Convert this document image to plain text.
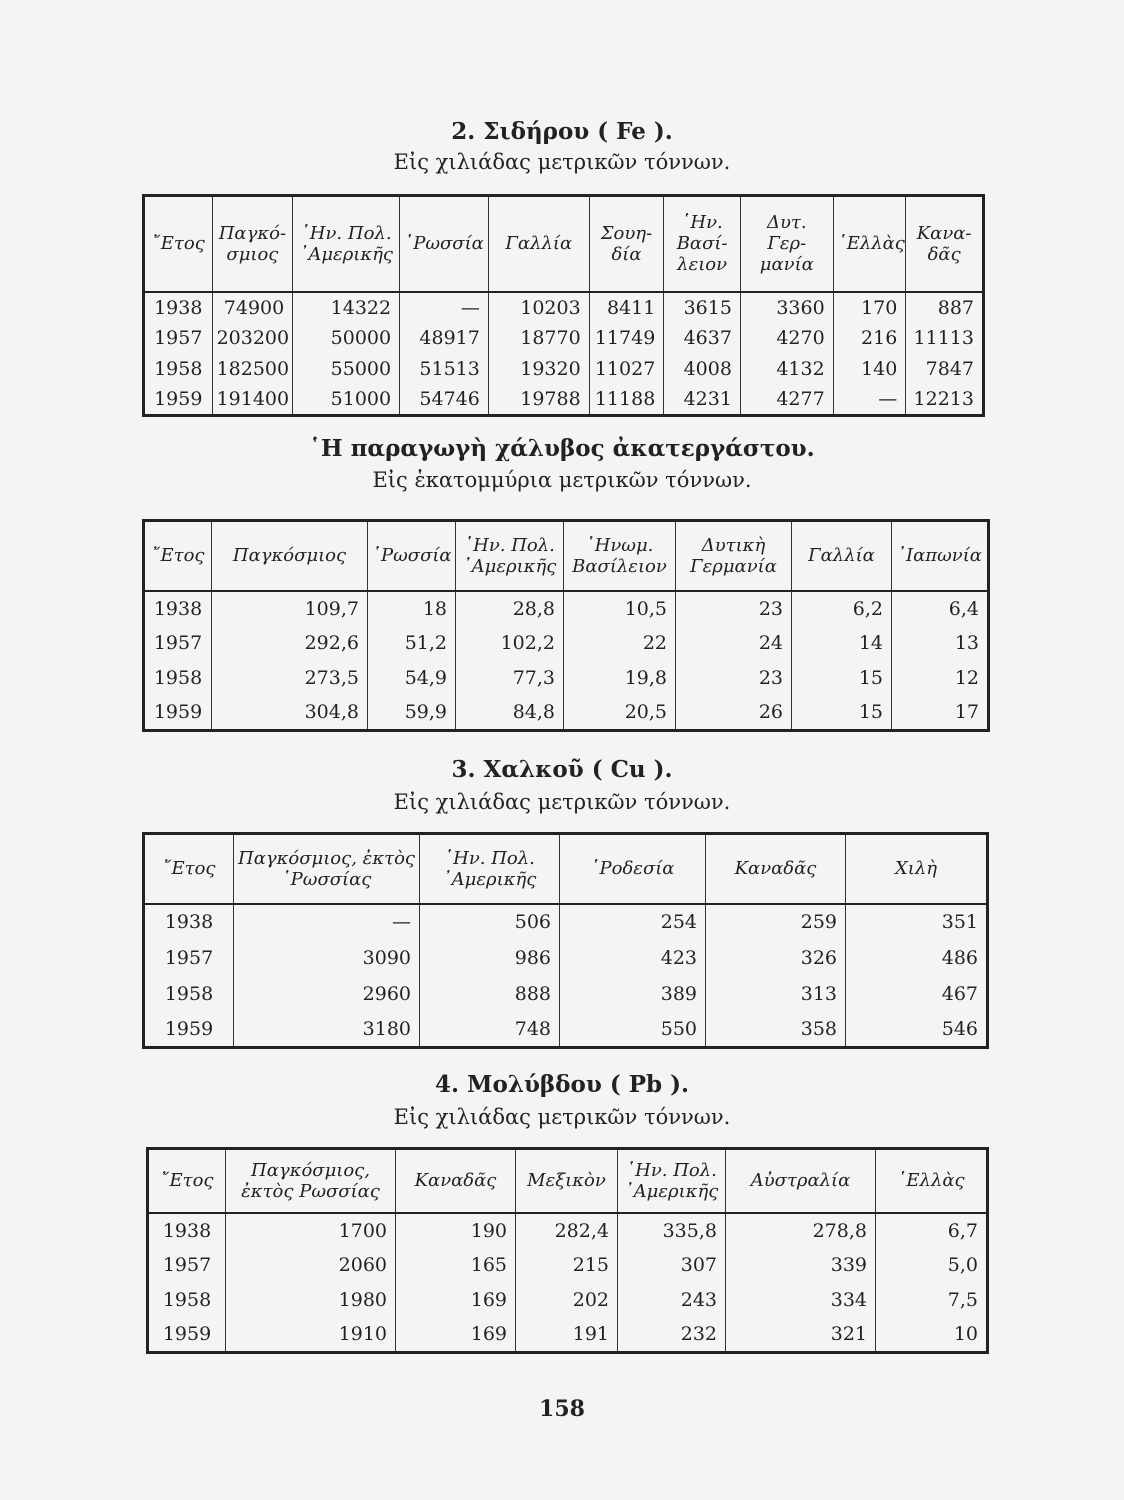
2. Σιδήρου ( Fe ).
Εἰς χιλιάδας μετρικῶν τόννων.
῎Ετος	Παγκό-σμιος	῾Ην. Πολ. ᾿Αμερικῆς	῾Ρωσσία	Γαλλία	Σουη-δία	῾Ην. Βασί-λειον	Δυτ. Γερ-μανία	῾Ελλὰς	Κανα-δᾶς
1938	74900	14322	—	10203	8411	3615	3360	170	887
1957	203200	50000	48917	18770	11749	4637	4270	216	11113
1958	182500	55000	51513	19320	11027	4008	4132	140	7847
1959	191400	51000	54746	19788	11188	4231	4277	—	12213
῾Η παραγωγὴ χάλυβος ἀκατεργάστου.
Εἰς ἑκατομμύρια μετρικῶν τόννων.
῎Ετος	Παγκόσμιος	῾Ρωσσία	῾Ην. Πολ. ᾿Αμερικῆς	῾Ηνωμ. Βασίλειον	Δυτικὴ Γερμανία	Γαλλία	᾿Ιαπωνία
1938	109,7	18	28,8	10,5	23	6,2	6,4
1957	292,6	51,2	102,2	22	24	14	13
1958	273,5	54,9	77,3	19,8	23	15	12
1959	304,8	59,9	84,8	20,5	26	15	17
3. Χαλκοῦ ( Cu ).
Εἰς χιλιάδας μετρικῶν τόννων.
῎Ετος	Παγκόσμιος, ἐκτὸς ῾Ρωσσίας	῾Ην. Πολ. ᾿Αμερικῆς	῾Ροδεσία	Καναδᾶς	Χιλὴ
1938	—	506	254	259	351
1957	3090	986	423	326	486
1958	2960	888	389	313	467
1959	3180	748	550	358	546
4. Μολύβδου ( Pb ).
Εἰς χιλιάδας μετρικῶν τόννων.
῎Ετος	Παγκόσμιος, ἐκτὸς Ρωσσίας	Καναδᾶς	Μεξικὸν	῾Ην. Πολ. ᾿Αμερικῆς	Αὐστραλία	῾Ελλὰς
1938	1700	190	282,4	335,8	278,8	6,7
1957	2060	165	215	307	339	5,0
1958	1980	169	202	243	334	7,5
1959	1910	169	191	232	321	10
158
